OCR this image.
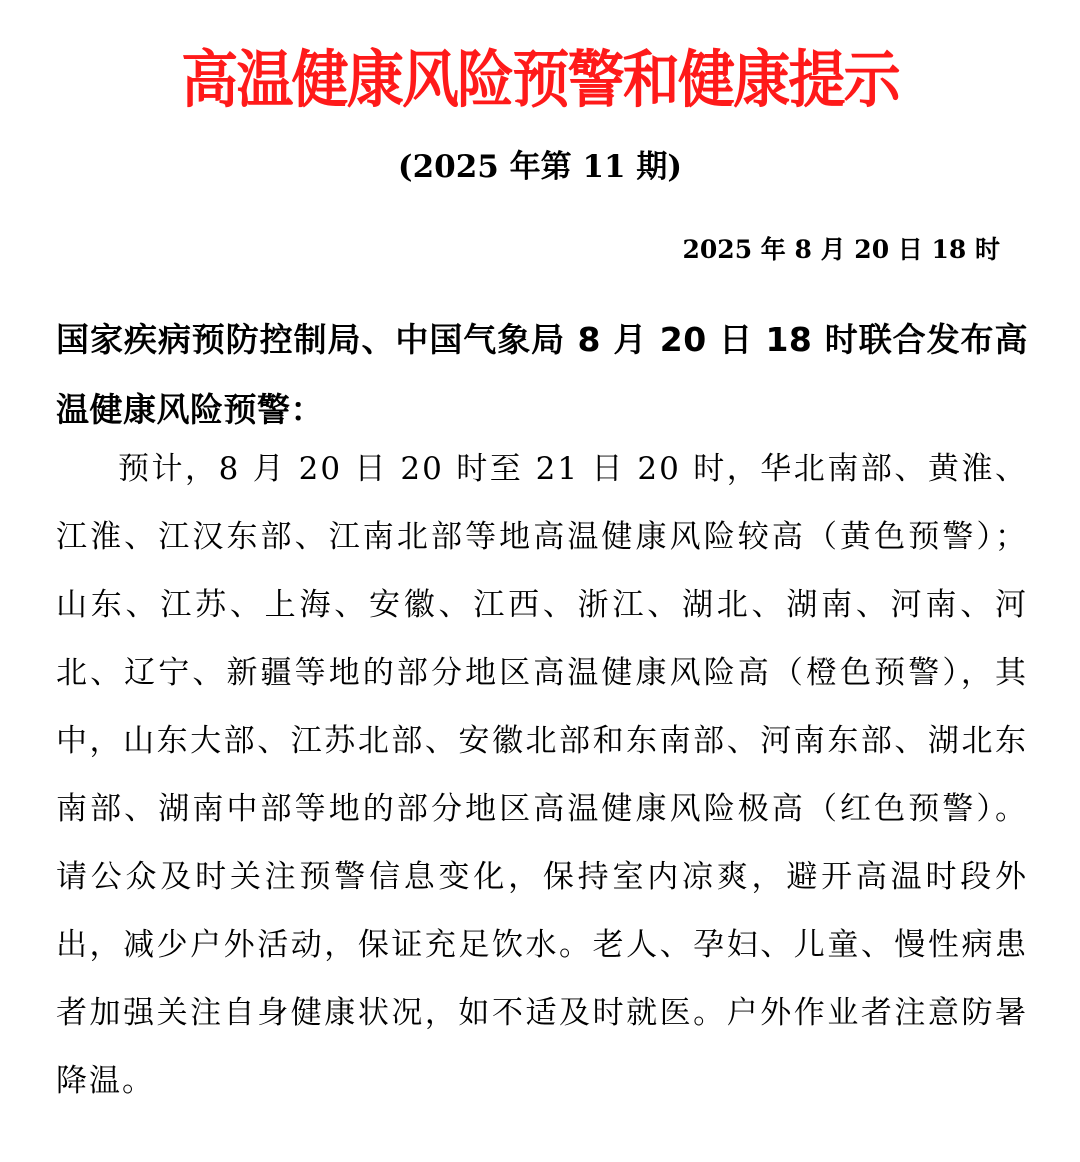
高温健康风险预警和健康提示
(2025 年第 11 期)
2025 年 8 月 20 日 18 时
国家疾病预防控制局、中国气象局 8 月 20 日 18 时联合发布高温健康风险预警：
预计，8 月 20 日 20 时至 21 日 20 时，华北南部、黄淮、江淮、江汉东部、江南北部等地高温健康风险较高（黄色预警）；山东、江苏、上海、安徽、江西、浙江、湖北、湖南、河南、河北、辽宁、新疆等地的部分地区高温健康风险高（橙色预警），其中，山东大部、江苏北部、安徽北部和东南部、河南东部、湖北东南部、湖南中部等地的部分地区高温健康风险极高（红色预警）。请公众及时关注预警信息变化，保持室内凉爽，避开高温时段外出，减少户外活动，保证充足饮水。老人、孕妇、儿童、慢性病患者加强关注自身健康状况，如不适及时就医。户外作业者注意防暑降温。
